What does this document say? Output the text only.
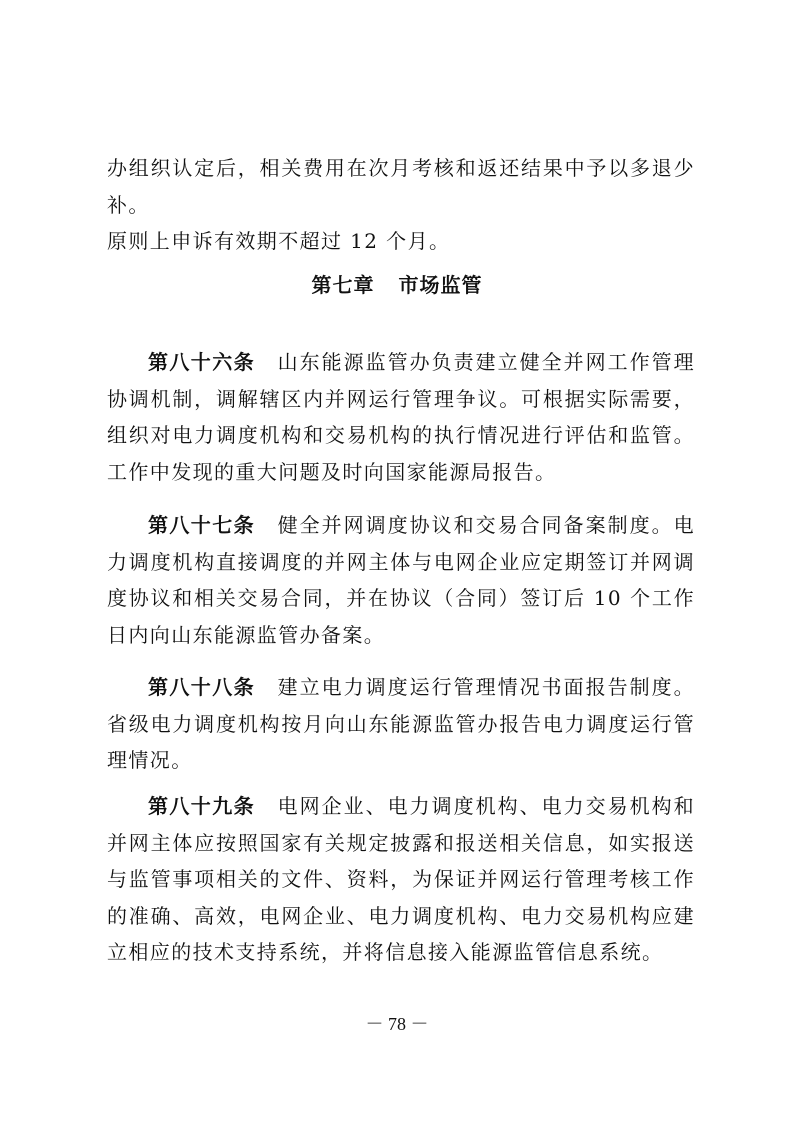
办组织认定后，相关费用在次月考核和返还结果中予以多退少补。
原则上申诉有效期不超过 12 个月。

第七章 市场监管

第八十六条 山东能源监管办负责建立健全并网工作管理协调机制，调解辖区内并网运行管理争议。可根据实际需要，组织对电力调度机构和交易机构的执行情况进行评估和监管。工作中发现的重大问题及时向国家能源局报告。

第八十七条 健全并网调度协议和交易合同备案制度。电力调度机构直接调度的并网主体与电网企业应定期签订并网调度协议和相关交易合同，并在协议（合同）签订后 10 个工作日内向山东能源监管办备案。

第八十八条 建立电力调度运行管理情况书面报告制度。省级电力调度机构按月向山东能源监管办报告电力调度运行管理情况。

第八十九条 电网企业、电力调度机构、电力交易机构和并网主体应按照国家有关规定披露和报送相关信息，如实报送与监管事项相关的文件、资料，为保证并网运行管理考核工作的准确、高效，电网企业、电力调度机构、电力交易机构应建立相应的技术支持系统，并将信息接入能源监管信息系统。

－ 78 －
